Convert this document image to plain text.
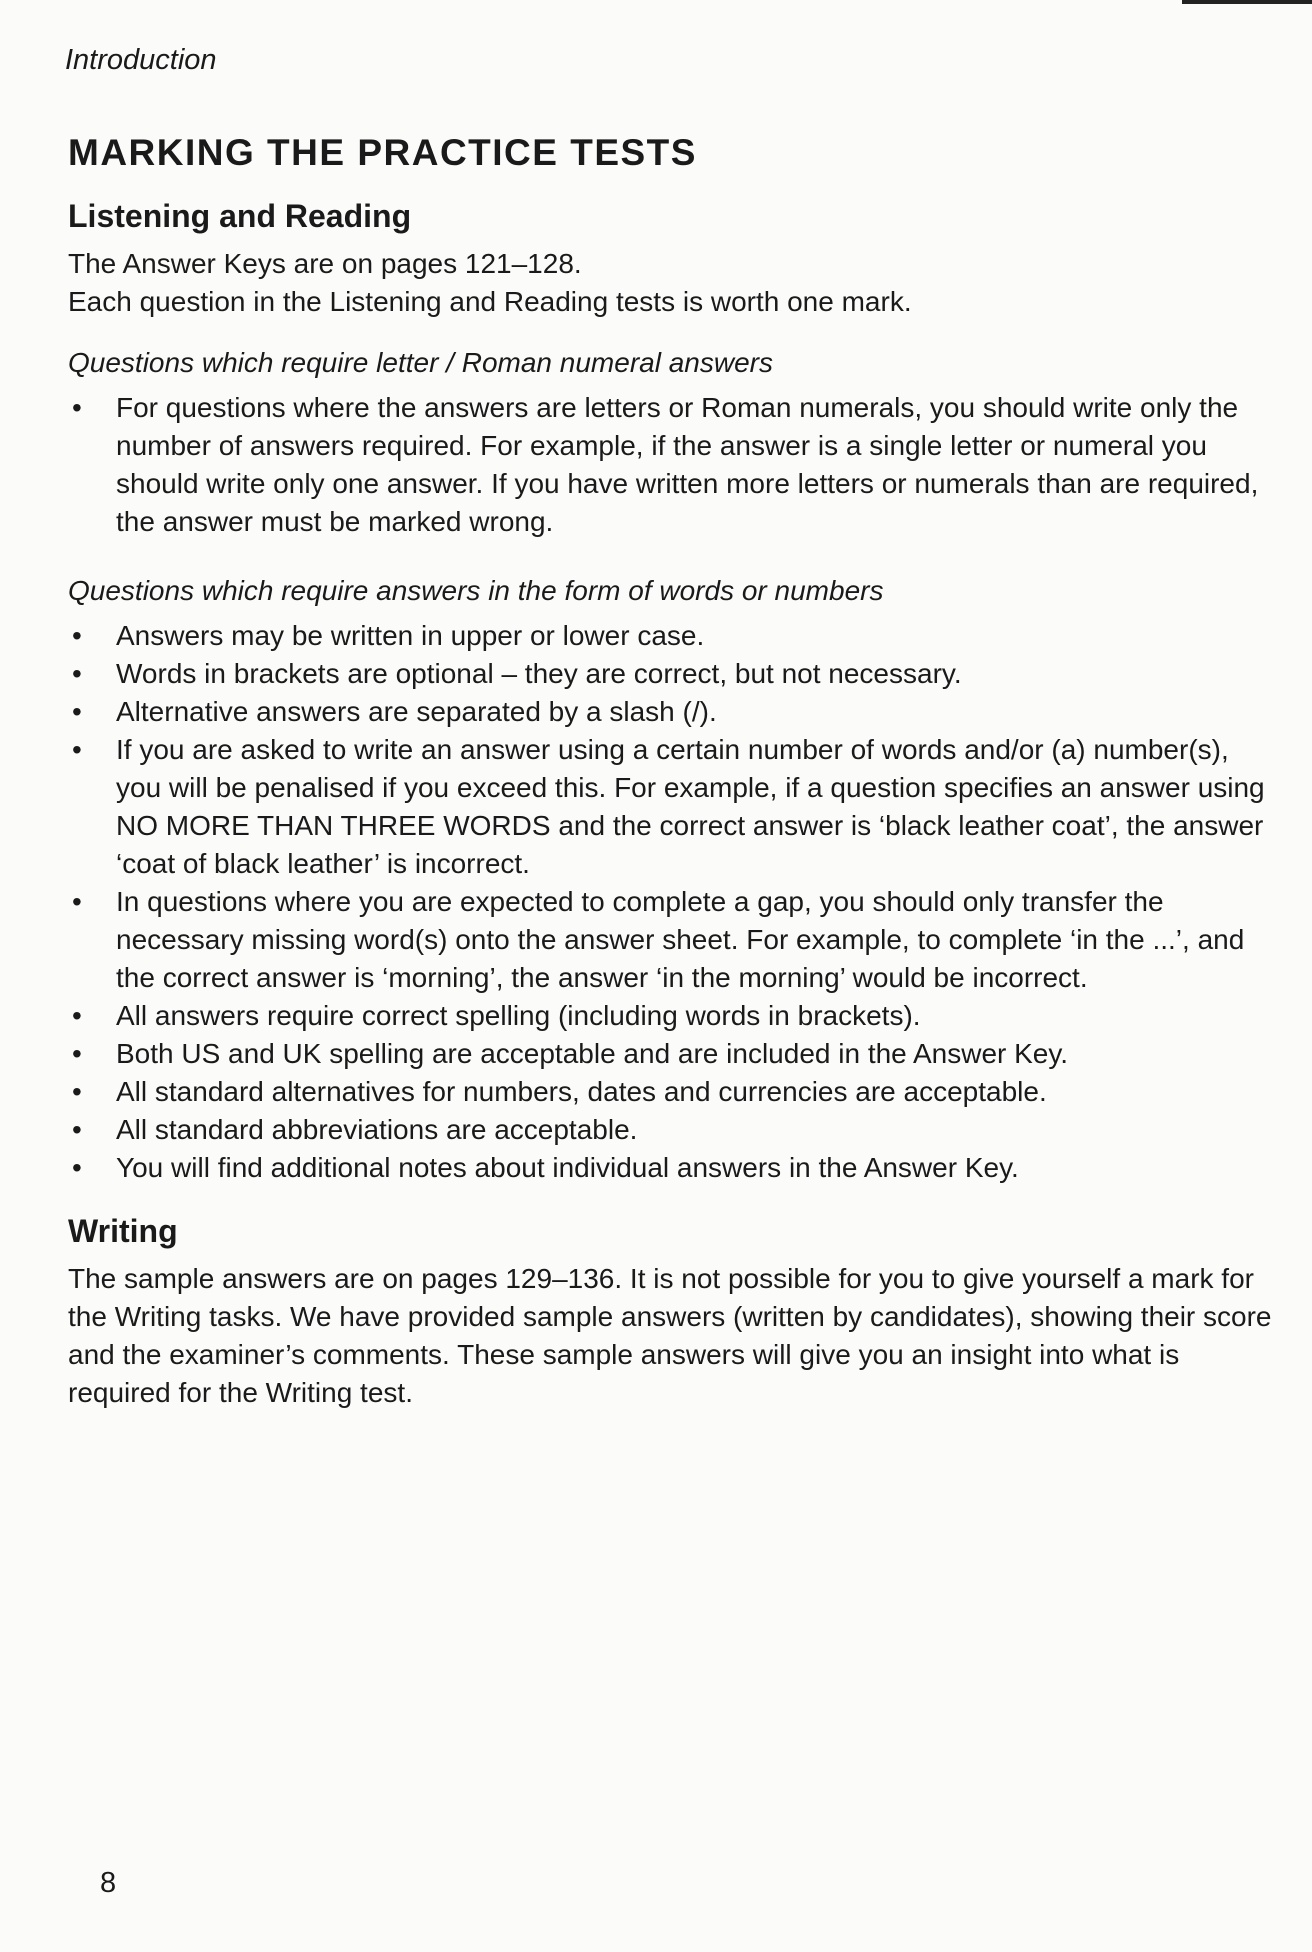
Introduction
MARKING THE PRACTICE TESTS
Listening and Reading

The Answer Keys are on pages 121–128.

Each question in the Listening and Reading tests is worth one mark.

Questions which require letter / Roman numeral answers
• For questions where the answers are letters or Roman numerals, you should write only the number of answers required. For example, if the answer is a single letter or numeral you should write only one answer. If you have written more letters or numerals than are required, the answer must be marked wrong.
Questions which require answers in the form of words or numbers
• Answers may be written in upper or lower case.
• Words in brackets are optional – they are correct, but not necessary.
• Alternative answers are separated by a slash (/).
• If you are asked to write an answer using a certain number of words and/or (a) number(s), you will be penalised if you exceed this. For example, if a question specifies an answer using NO MORE THAN THREE WORDS and the correct answer is ‘black leather coat’, the answer ‘coat of black leather’ is incorrect.
• In questions where you are expected to complete a gap, you should only transfer the necessary missing word(s) onto the answer sheet. For example, to complete ‘in the ...’, and the correct answer is ‘morning’, the answer ‘in the morning’ would be incorrect.
• All answers require correct spelling (including words in brackets).
• Both US and UK spelling are acceptable and are included in the Answer Key.
• All standard alternatives for numbers, dates and currencies are acceptable.
• All standard abbreviations are acceptable.
• You will find additional notes about individual answers in the Answer Key.
Writing

The sample answers are on pages 129–136. It is not possible for you to give yourself a mark for the Writing tasks. We have provided sample answers (written by candidates), showing their score and the examiner’s comments. These sample answers will give you an insight into what is required for the Writing test.

8
